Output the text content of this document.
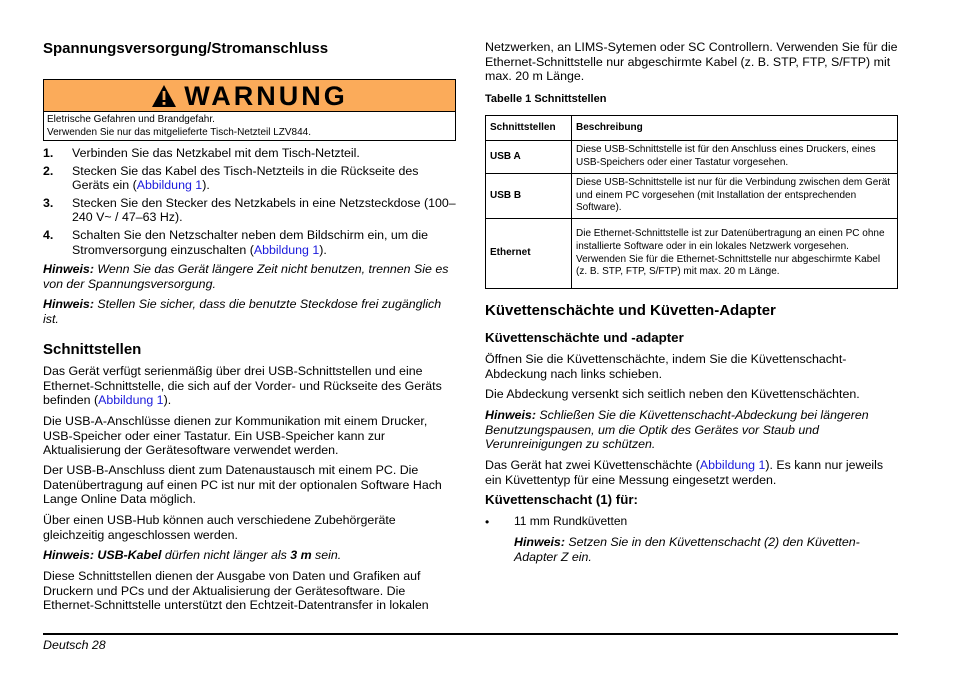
Spannungsversorgung/Stromanschluss
WARNUNG
Eletrische Gefahren und Brandgefahr.
Verwenden Sie nur das mitgelieferte Tisch-Netzteil LZV844.
1. Verbinden Sie das Netzkabel mit dem Tisch-Netzteil.
2. Stecken Sie das Kabel des Tisch-Netzteils in die Rückseite des Geräts ein (Abbildung 1).
3. Stecken Sie den Stecker des Netzkabels in eine Netzsteckdose (100–240 V~ / 47–63 Hz).
4. Schalten Sie den Netzschalter neben dem Bildschirm ein, um die Stromversorgung einzuschalten (Abbildung 1).

Hinweis: Wenn Sie das Gerät längere Zeit nicht benutzen, trennen Sie es von der Spannungsversorgung.

Hinweis: Stellen Sie sicher, dass die benutzte Steckdose frei zugänglich ist.

Schnittstellen

Das Gerät verfügt serienmäßig über drei USB-Schnittstellen und eine Ethernet-Schnittstelle, die sich auf der Vorder- und Rückseite des Geräts befinden (Abbildung 1).

Die USB-A-Anschlüsse dienen zur Kommunikation mit einem Drucker, USB-Speicher oder einer Tastatur. Ein USB-Speicher kann zur Aktualisierung der Gerätesoftware verwendet werden.

Der USB-B-Anschluss dient zum Datenaustausch mit einem PC. Die Datenübertragung auf einen PC ist nur mit der optionalen Software Hach Lange Online Data möglich.

Über einen USB-Hub können auch verschiedene Zubehörgeräte gleichzeitig angeschlossen werden.

Hinweis: USB-Kabel dürfen nicht länger als 3 m sein.

Diese Schnittstellen dienen der Ausgabe von Daten und Grafiken auf Druckern und PCs und der Aktualisierung der Gerätesoftware. Die Ethernet-Schnittstelle unterstützt den Echtzeit-Datentransfer in lokalen

Netzwerken, an LIMS-Sytemen oder SC Controllern. Verwenden Sie für die Ethernet-Schnittstelle nur abgeschirmte Kabel (z. B. STP, FTP, S/FTP) mit max. 20 m Länge.

Tabelle 1 Schnittstellen
Schnittstellen	Beschreibung
USB A	Diese USB-Schnittstelle ist für den Anschluss eines Druckers, eines USB-Speichers oder einer Tastatur vorgesehen.
USB B	Diese USB-Schnittstelle ist nur für die Verbindung zwischen dem Gerät und einem PC vorgesehen (mit Installation der entsprechenden Software).
Ethernet	Die Ethernet-Schnittstelle ist zur Datenübertragung an einen PC ohne installierte Software oder in ein lokales Netzwerk vorgesehen. Verwenden Sie für die Ethernet-Schnittstelle nur abgeschirmte Kabel (z. B. STP, FTP, S/FTP) mit max. 20 m Länge.
Küvettenschächte und Küvetten-Adapter
Küvettenschächte und -adapter

Öffnen Sie die Küvettenschächte, indem Sie die Küvettenschacht-Abdeckung nach links schieben.

Die Abdeckung versenkt sich seitlich neben den Küvettenschächten.

Hinweis: Schließen Sie die Küvettenschacht-Abdeckung bei längeren Benutzungspausen, um die Optik des Gerätes vor Staub und Verunreinigungen zu schützen.

Das Gerät hat zwei Küvettenschächte (Abbildung 1). Es kann nur jeweils ein Küvettentyp für eine Messung eingesetzt werden.

Küvettenschacht (1) für:
• 11 mm Rundküvetten

Hinweis: Setzen Sie in den Küvettenschacht (2) den Küvetten-Adapter Z ein.

Deutsch 28
